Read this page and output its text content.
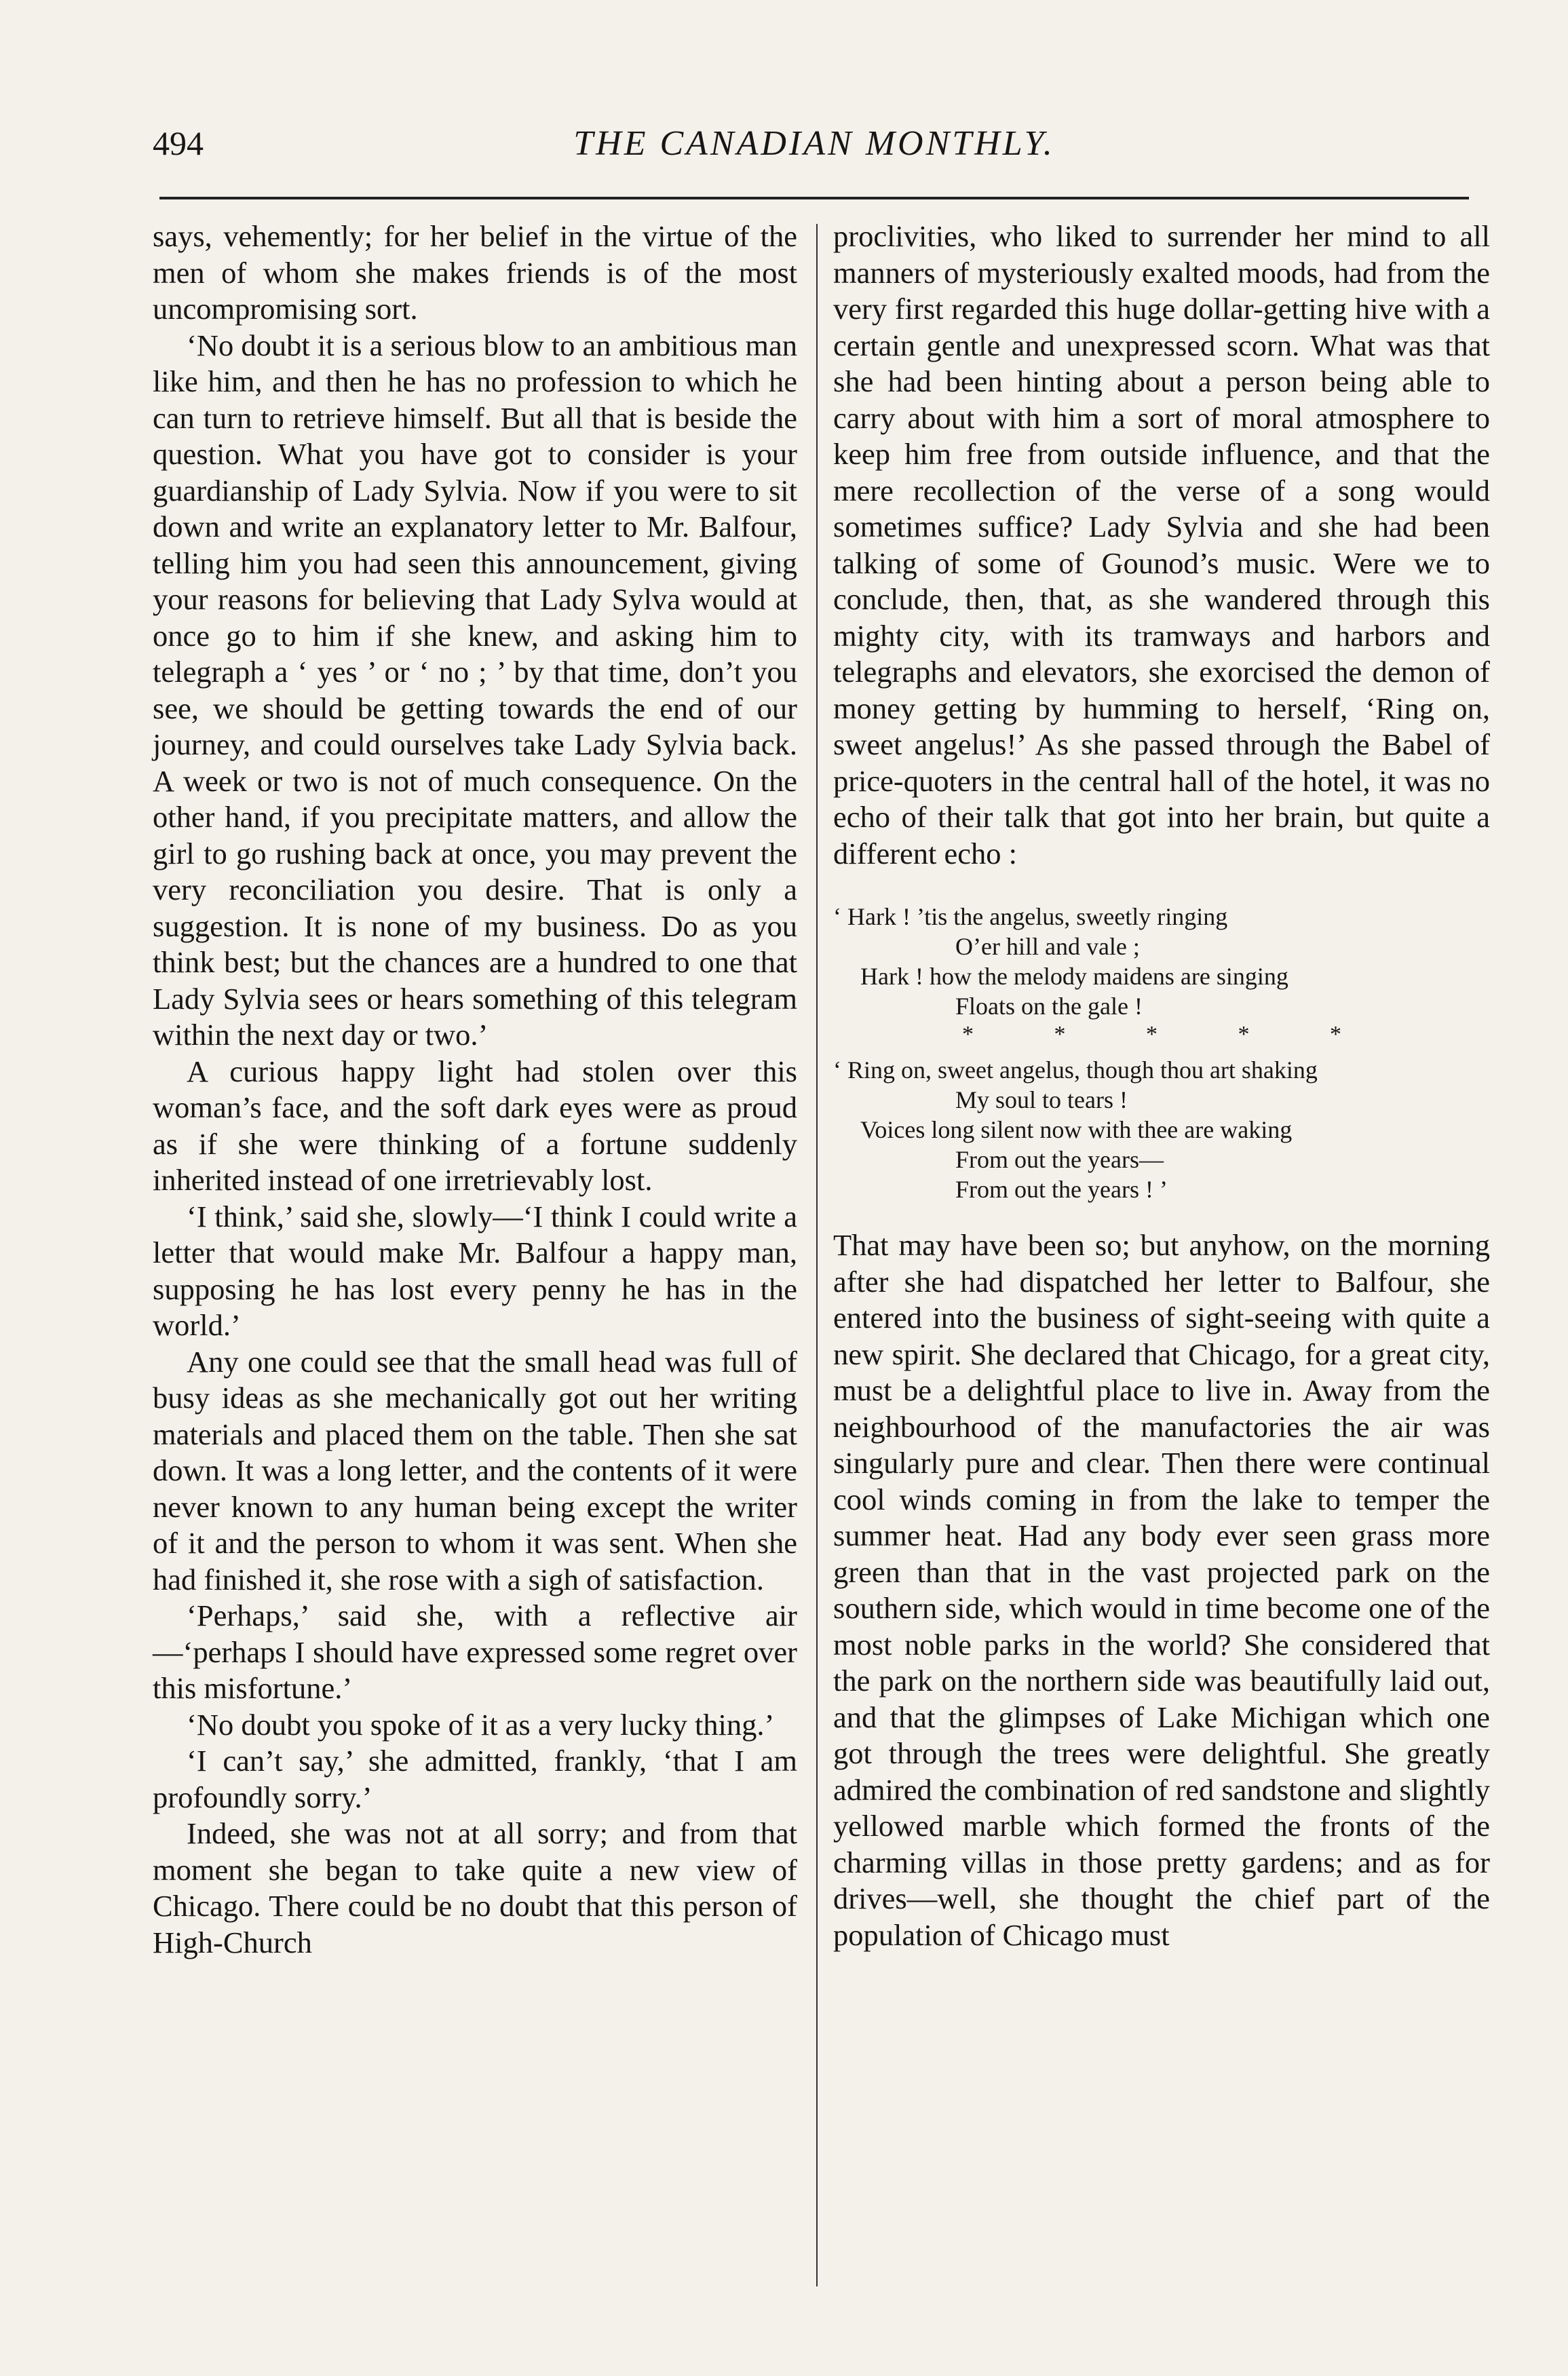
494	THE CANADIAN MONTHLY.

says, vehemently; for her belief in the virtue of the men of whom she makes friends is of the most uncompromising sort.

‘No doubt it is a serious blow to an ambitious man like him, and then he has no profession to which he can turn to retrieve himself. But all that is beside the question. What you have got to consider is your guardianship of Lady Sylvia. Now if you were to sit down and write an explanatory letter to Mr. Balfour, telling him you had seen this announcement, giving your reasons for believing that Lady Sylva would at once go to him if she knew, and asking him to telegraph a ‘ yes ’ or ‘ no ; ’ by that time, don’t you see, we should be getting towards the end of our journey, and could ourselves take Lady Sylvia back. A week or two is not of much consequence. On the other hand, if you precipitate matters, and allow the girl to go rushing back at once, you may prevent the very reconciliation you desire. That is only a suggestion. It is none of my business. Do as you think best; but the chances are a hundred to one that Lady Sylvia sees or hears something of this telegram within the next day or two.’

A curious happy light had stolen over this woman’s face, and the soft dark eyes were as proud as if she were thinking of a fortune suddenly inherited instead of one irretrievably lost.

‘I think,’ said she, slowly—‘I think I could write a letter that would make Mr. Balfour a happy man, supposing he has lost every penny he has in the world.’

Any one could see that the small head was full of busy ideas as she mechanically got out her writing materials and placed them on the table. Then she sat down. It was a long letter, and the contents of it were never known to any human being except the writer of it and the person to whom it was sent. When she had finished it, she rose with a sigh of satisfaction.

‘Perhaps,’ said she, with a reflective air —‘perhaps I should have expressed some regret over this misfortune.’

‘No doubt you spoke of it as a very lucky thing.’

‘I can’t say,’ she admitted, frankly, ‘that I am profoundly sorry.’

Indeed, she was not at all sorry; and from that moment she began to take quite a new view of Chicago. There could be no doubt that this person of High-Church

proclivities, who liked to surrender her mind to all manners of mysteriously exalted moods, had from the very first regarded this huge dollar-getting hive with a certain gentle and unexpressed scorn. What was that she had been hinting about a person being able to carry about with him a sort of moral atmosphere to keep him free from outside influence, and that the mere recollection of the verse of a song would sometimes suffice? Lady Sylvia and she had been talking of some of Gounod’s music. Were we to conclude, then, that, as she wandered through this mighty city, with its tramways and harbors and telegraphs and elevators, she exorcised the demon of money getting by humming to herself, ‘Ring on, sweet angelus!’ As she passed through the Babel of price-quoters in the central hall of the hotel, it was no echo of their talk that got into her brain, but quite a different echo :

‘ Hark ! ’tis the angelus, sweetly ringing
O’er hill and vale ;
Hark ! how the melody maidens are singing
Floats on the gale !
* * * * *
‘ Ring on, sweet angelus, though thou art shaking
My soul to tears !
Voices long silent now with thee are waking
From out the years—
From out the years ! ’

That may have been so; but anyhow, on the morning after she had dispatched her letter to Balfour, she entered into the business of sight-seeing with quite a new spirit. She declared that Chicago, for a great city, must be a delightful place to live in. Away from the neighbourhood of the manufactories the air was singularly pure and clear. Then there were continual cool winds coming in from the lake to temper the summer heat. Had any body ever seen grass more green than that in the vast projected park on the southern side, which would in time become one of the most noble parks in the world? She considered that the park on the northern side was beautifully laid out, and that the glimpses of Lake Michigan which one got through the trees were delightful. She greatly admired the combination of red sandstone and slightly yellowed marble which formed the fronts of the charming villas in those pretty gardens; and as for drives—well, she thought the chief part of the population of Chicago must
